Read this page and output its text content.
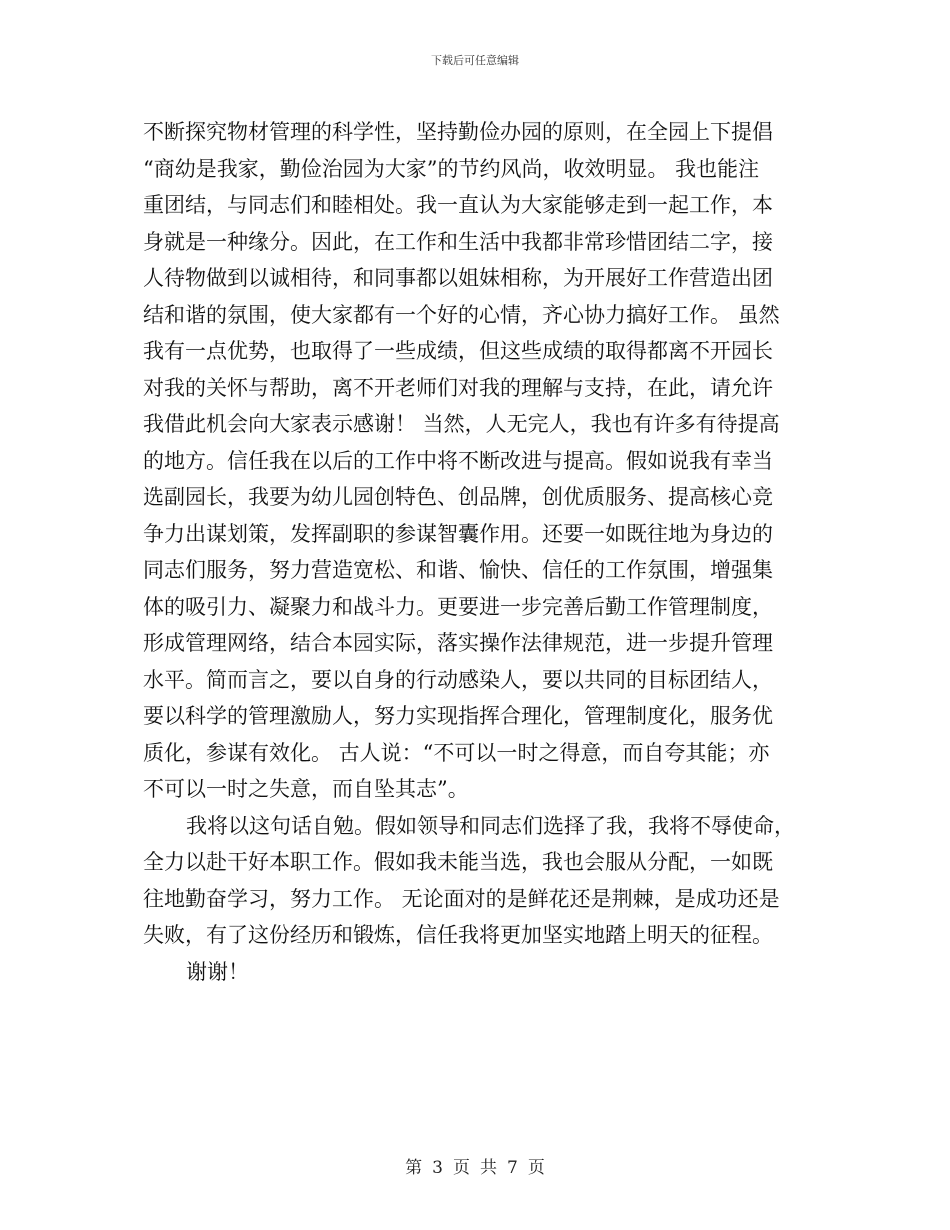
下载后可任意编辑

不断探究物材管理的科学性，坚持勤俭办园的原则，在全园上下提倡
“商幼是我家，勤俭治园为大家”的节约风尚，收效明显。 我也能注
重团结，与同志们和睦相处。我一直认为大家能够走到一起工作，本
身就是一种缘分。因此，在工作和生活中我都非常珍惜团结二字，接
人待物做到以诚相待，和同事都以姐妹相称，为开展好工作营造出团
结和谐的氛围，使大家都有一个好的心情，齐心协力搞好工作。 虽然
我有一点优势，也取得了一些成绩，但这些成绩的取得都离不开园长
对我的关怀与帮助，离不开老师们对我的理解与支持，在此，请允许
我借此机会向大家表示感谢！ 当然，人无完人，我也有许多有待提高
的地方。信任我在以后的工作中将不断改进与提高。假如说我有幸当
选副园长，我要为幼儿园创特色、创品牌，创优质服务、提高核心竞
争力出谋划策，发挥副职的参谋智囊作用。还要一如既往地为身边的
同志们服务，努力营造宽松、和谐、愉快、信任的工作氛围，增强集
体的吸引力、凝聚力和战斗力。更要进一步完善后勤工作管理制度，
形成管理网络，结合本园实际，落实操作法律规范，进一步提升管理
水平。简而言之，要以自身的行动感染人，要以共同的目标团结人，
要以科学的管理激励人，努力实现指挥合理化，管理制度化，服务优
质化，参谋有效化。 古人说：“不可以一时之得意，而自夸其能；亦
不可以一时之失意，而自坠其志”。

我将以这句话自勉。假如领导和同志们选择了我，我将不辱使命，
全力以赴干好本职工作。假如我未能当选，我也会服从分配，一如既
往地勤奋学习，努力工作。 无论面对的是鲜花还是荆棘，是成功还是
失败，有了这份经历和锻炼，信任我将更加坚实地踏上明天的征程。

谢谢！

第 3 页 共 7 页
